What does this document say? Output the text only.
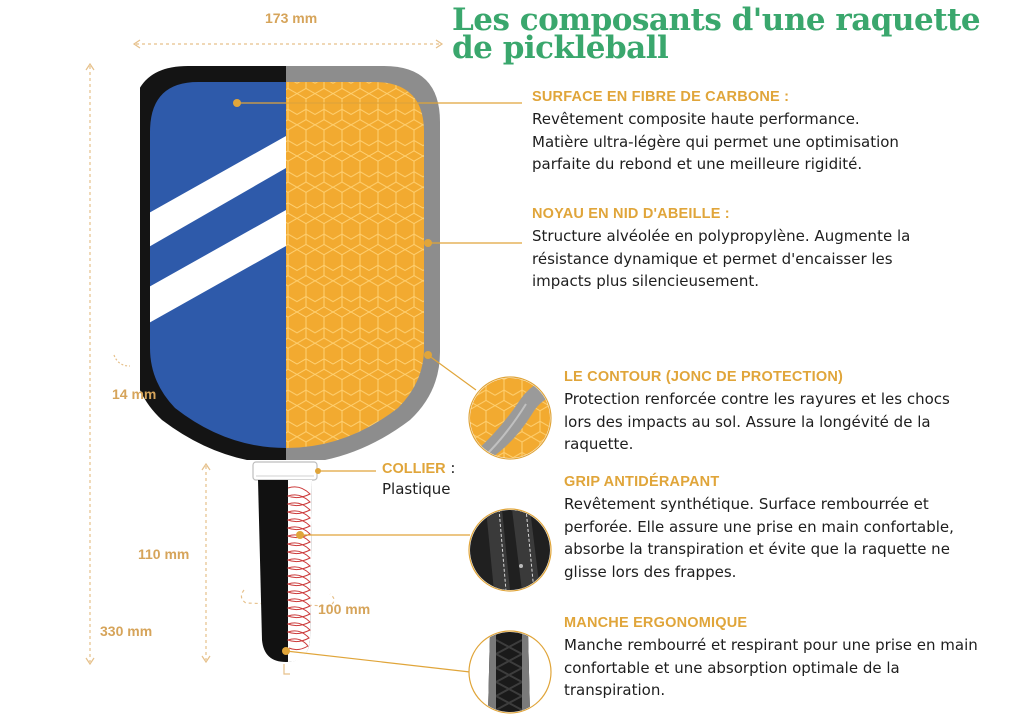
Les composants d'une raquette
de pickleball
173 mm
14 mm
110 mm
100 mm
330 mm
COLLIER :
Plastique
SURFACE EN FIBRE DE CARBONE :
Revêtement composite haute performance.
Matière ultra-légère qui permet une optimisation
parfaite du rebond et une meilleure rigidité.
NOYAU EN NID D'ABEILLE :
Structure alvéolée en polypropylène. Augmente la
résistance dynamique et permet d'encaisser les
impacts plus silencieusement.
LE CONTOUR (JONC DE PROTECTION)
Protection renforcée contre les rayures et les chocs
lors des impacts au sol. Assure la longévité de la
raquette.
GRIP ANTIDÉRAPANT
Revêtement synthétique. Surface rembourrée et
perforée. Elle assure une prise en main confortable,
absorbe la transpiration et évite que la raquette ne
glisse lors des frappes.
MANCHE ERGONOMIQUE
Manche rembourré et respirant pour une prise en main
confortable et une absorption optimale de la
transpiration.
